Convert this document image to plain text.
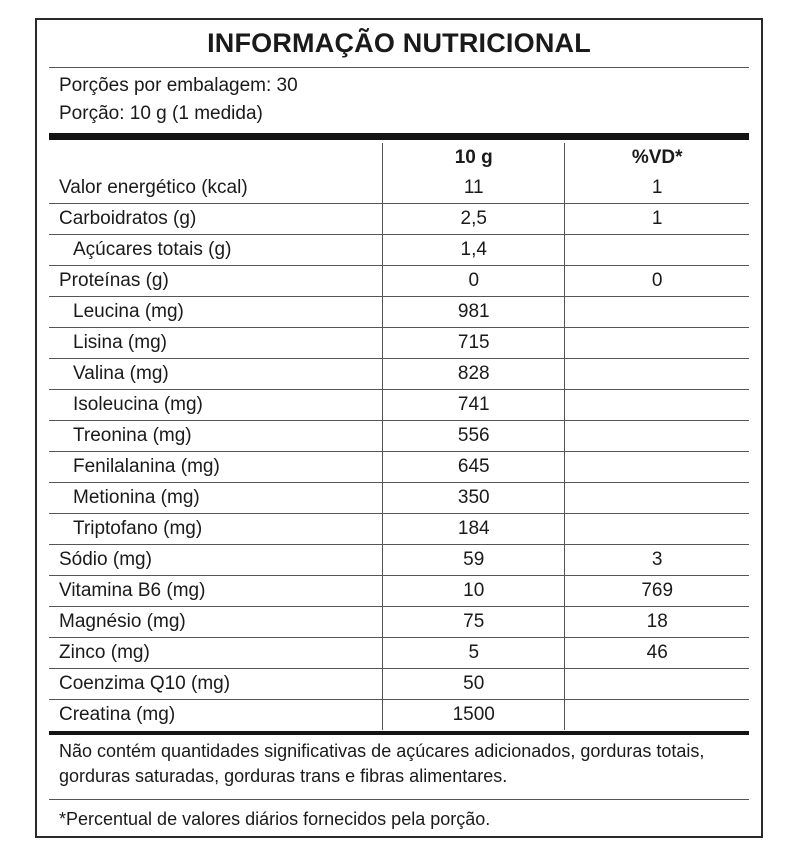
INFORMAÇÃO NUTRICIONAL
Porções por embalagem: 30
Porção: 10 g (1 medida)
	10 g	%VD*
Valor energético (kcal)	11	1
Carboidratos (g)	2,5	1
Açúcares totais (g)	1,4	
Proteínas (g)	0	0
Leucina (mg)	981	
Lisina (mg)	715	
Valina (mg)	828	
Isoleucina (mg)	741	
Treonina (mg)	556	
Fenilalanina (mg)	645	
Metionina (mg)	350	
Triptofano (mg)	184	
Sódio (mg)	59	3
Vitamina B6 (mg)	10	769
Magnésio (mg)	75	18
Zinco (mg)	5	46
Coenzima Q10 (mg)	50	
Creatina (mg)	1500	
Não contém quantidades significativas de açúcares adicionados, gorduras totais, gorduras saturadas, gorduras trans e fibras alimentares.
*Percentual de valores diários fornecidos pela porção.
